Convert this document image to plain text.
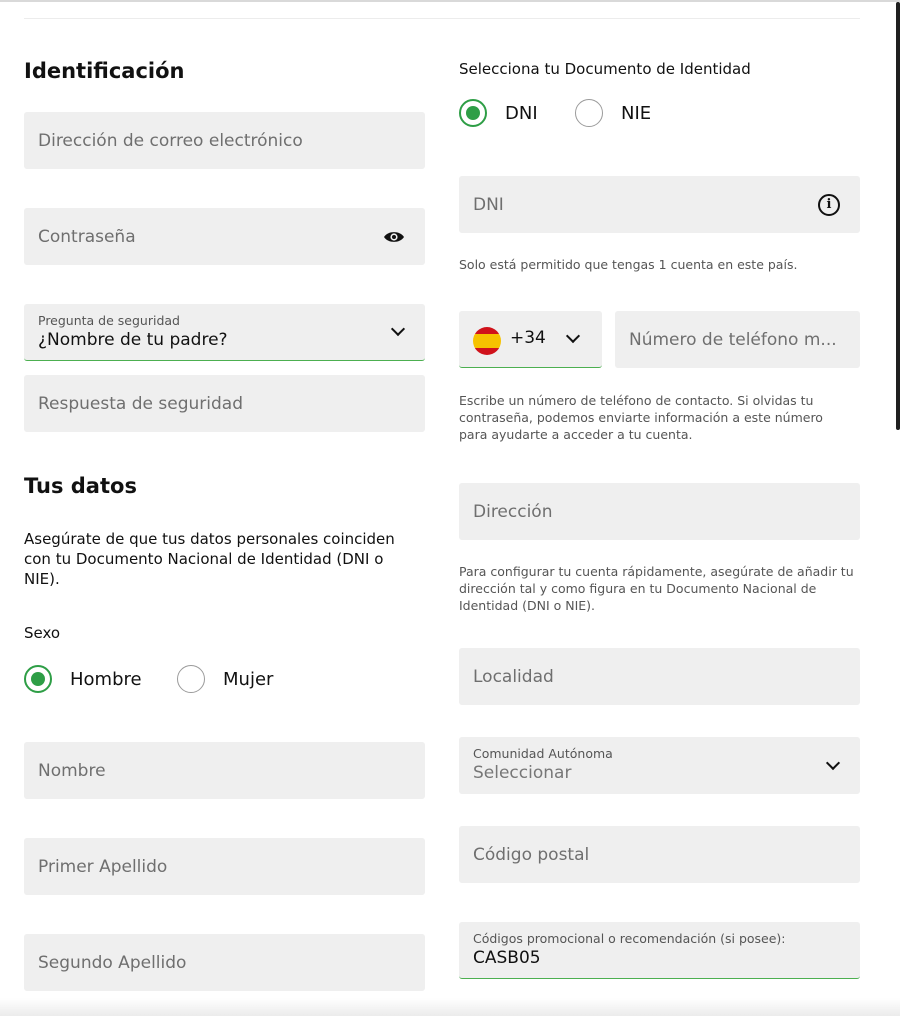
Identificación
Dirección de correo electrónico
Contraseña
Pregunta de seguridad
¿Nombre de tu padre?
Respuesta de seguridad
Tus datos
Asegúrate de que tus datos personales coinciden con tu Documento Nacional de Identidad (DNI o NIE).
Sexo
Hombre	Mujer
Nombre
Primer Apellido
Segundo Apellido
Selecciona tu Documento de Identidad
DNI	NIE
DNI	i
Solo está permitido que tengas 1 cuenta en este país.
+34	Número de teléfono m...
Escribe un número de teléfono de contacto. Si olvidas tu contraseña, podemos enviarte información a este número para ayudarte a acceder a tu cuenta.
Dirección
Para configurar tu cuenta rápidamente, asegúrate de añadir tu dirección tal y como figura en tu Documento Nacional de Identidad (DNI o NIE).
Localidad
Comunidad Autónoma
Seleccionar
Código postal
Códigos promocional o recomendación (si posee):
CASB05
